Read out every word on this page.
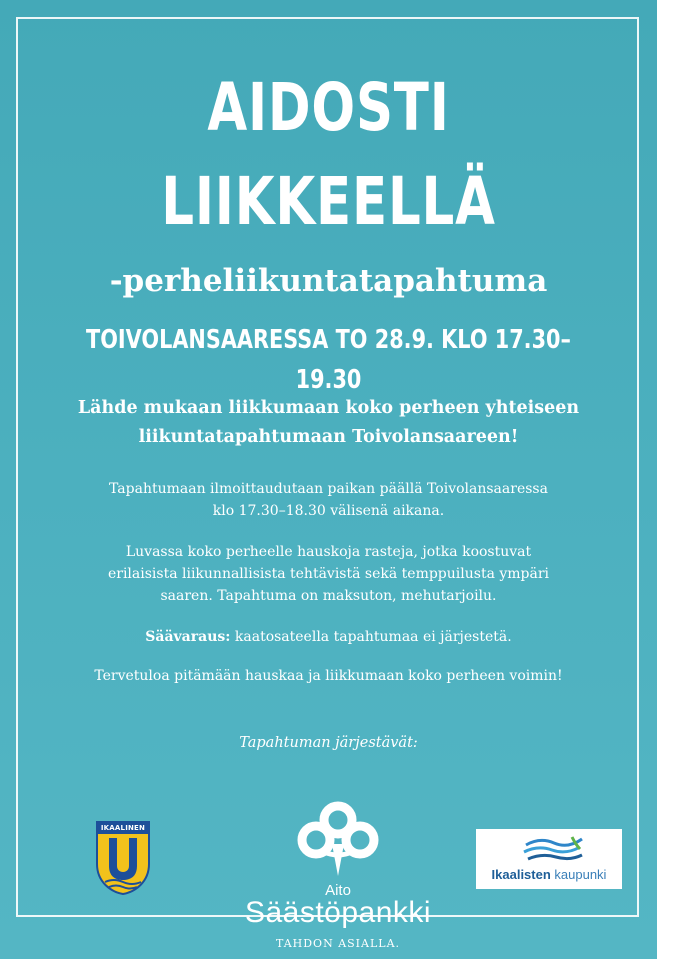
AIDOSTI
LIIKKEELLÄ
-perheliikuntatapahtuma
TOIVOLANSAARESSA TO 28.9. KLO 17.30–19.30
Lähde mukaan liikkumaan koko perheen yhteiseen
liikuntatapahtumaan Toivolansaareen!
Tapahtumaan ilmoittaudutaan paikan päällä Toivolansaaressa
klo 17.30–18.30 välisenä aikana.
Luvassa koko perheelle hauskoja rasteja, jotka koostuvat
erilaisista liikunnallisista tehtävistä sekä temppuilusta ympäri
saaren. Tapahtuma on maksuton, mehutarjoilu.
Säävaraus: kaatosateella tapahtumaa ei järjestetä.
Tervetuloa pitämään hauskaa ja liikkumaan koko perheen voimin!
Tapahtuman järjestävät:
IKAALINEN
Aito
Säästöpankki
TAHDON ASIALLA.
Ikaalisten kaupunki
